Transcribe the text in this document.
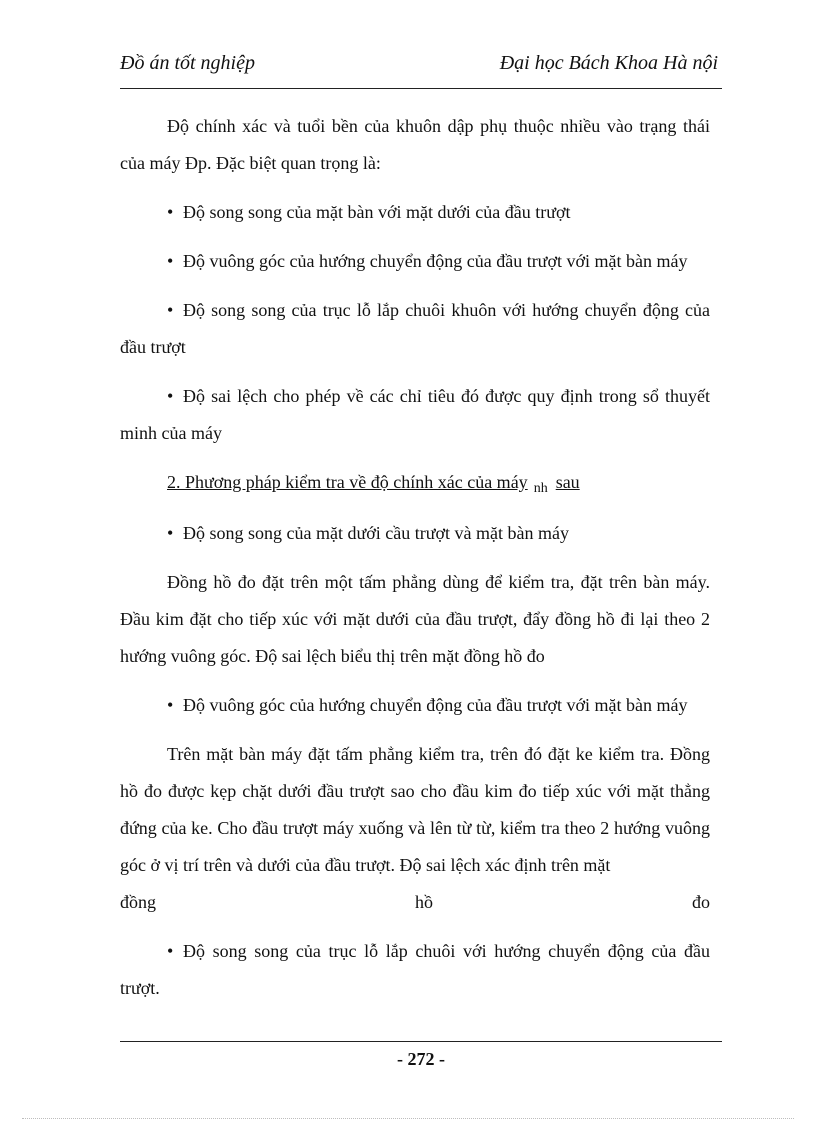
Đồ án tốt nghiệp	Đại học Bách Khoa Hà nội

Độ chính xác và tuổi bền của khuôn dập phụ thuộc nhiều vào trạng thái của máy Đp. Đặc biệt quan trọng là:

• Độ song song của mặt bàn với mặt dưới của đầu trượt

• Độ vuông góc của hướng chuyển động của đầu trượt với mặt bàn máy

• Độ song song của trục lỗ lắp chuôi khuôn với hướng chuyển động của đầu trượt

• Độ sai lệch cho phép về các chỉ tiêu đó được quy định trong sổ thuyết minh của máy

2. Phương pháp kiểm tra về độ chính xác của máy $_{nh}$ sau

• Độ song song của mặt dưới cầu trượt và mặt bàn máy

Đồng hồ đo đặt trên một tấm phẳng dùng để kiểm tra, đặt trên bàn máy. Đầu kim đặt cho tiếp xúc với mặt dưới của đầu trượt, đẩy đồng hồ đi lại theo 2 hướng vuông góc. Độ sai lệch biểu thị trên mặt đồng hồ đo

• Độ vuông góc của hướng chuyển động của đầu trượt với mặt bàn máy

Trên mặt bàn máy đặt tấm phẳng kiểm tra, trên đó đặt ke kiểm tra. Đồng hồ đo được kẹp chặt dưới đầu trượt sao cho đầu kim đo tiếp xúc với mặt thẳng đứng của ke. Cho đầu trượt máy xuống và lên từ từ, kiểm tra theo 2 hướng vuông góc ở vị trí trên và dưới của đầu trượt. Độ sai lệch xác định trên mặt

đồng	hồ	đo

• Độ song song của trục lỗ lắp chuôi với hướng chuyển động của đầu trượt.

- 272 -
